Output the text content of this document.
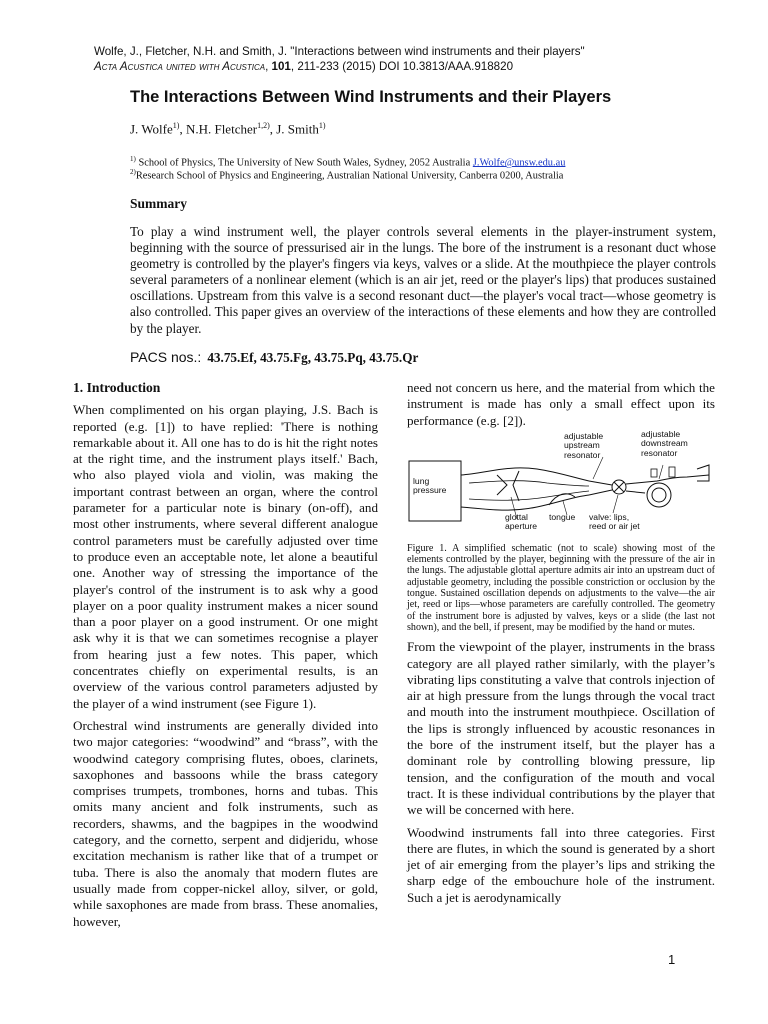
Wolfe, J., Fletcher, N.H. and Smith, J. "Interactions between wind instruments and their players"
Acta Acustica united with Acustica, 101, 211-233 (2015) DOI 10.3813/AAA.918820
The Interactions Between Wind Instruments and their Players
J. Wolfe$^{1)}$, N.H. Fletcher$^{1,2)}$, J. Smith$^{1)}$
$^{1)}$ School of Physics, The University of New South Wales, Sydney, 2052 Australia J.Wolfe@unsw.edu.au
$^{2)}$Research School of Physics and Engineering, Australian National University, Canberra 0200, Australia
Summary
To play a wind instrument well, the player controls several elements in the player-instrument system, beginning with the source of pressurised air in the lungs. The bore of the instrument is a resonant duct whose geometry is controlled by the player's fingers via keys, valves or a slide. At the mouthpiece the player controls several parameters of a nonlinear element (which is an air jet, reed or the player's lips) that produces sustained oscillations. Upstream from this valve is a second resonant duct—the player's vocal tract—whose geometry is also controlled. This paper gives an overview of the interactions of these elements and how they are controlled by the player.
PACS nos.: 43.75.Ef, 43.75.Fg, 43.75.Pq, 43.75.Qr
1. Introduction

When complimented on his organ playing, J.S. Bach is reported (e.g. [1]) to have replied: 'There is nothing remarkable about it. All one has to do is hit the right notes at the right time, and the instrument plays itself.' Bach, who also played viola and violin, was making the important contrast between an organ, where the control parameter for a particular note is binary (on-off), and most other instruments, where several different analogue control parameters must be carefully adjusted over time to produce even an acceptable note, let alone a beautiful one. Another way of stressing the importance of the player's control of the instrument is to ask why a good player on a poor quality instrument makes a nicer sound than a poor player on a good instrument. Or one might ask why it is that we can sometimes recognise a player from hearing just a few notes. This paper, which concentrates chiefly on experimental results, is an overview of the various control parameters adjusted by the player of a wind instrument (see Figure 1).

Orchestral wind instruments are generally divided into two major categories: “woodwind” and “brass”, with the woodwind category comprising flutes, oboes, clarinets, saxophones and bassoons while the brass category comprises trumpets, trombones, horns and tubas. This omits many ancient and folk instruments, such as recorders, shawms, and the bagpipes in the woodwind category, and the cornetto, serpent and didjeridu, whose excitation mechanism is rather like that of a trumpet or tuba. There is also the anomaly that modern flutes are usually made from copper-nickel alloy, silver, or gold, while saxophones are made from brass. These anomalies, however,

need not concern us here, and the material from which the instrument is made has only a small effect upon its performance (e.g. [2]).

lung
pressure
adjustable
upstream
resonator
adjustable
downstream
resonator
glottal
aperture
tongue valve: lips,
reed or air jet

Figure 1. A simplified schematic (not to scale) showing most of the elements controlled by the player, beginning with the pressure of the air in the lungs. The adjustable glottal aperture admits air into an upstream duct of adjustable geometry, including the possible constriction or occlusion by the tongue. Sustained oscillation depends on adjustments to the valve—the air jet, reed or lips—whose parameters are carefully controlled. The geometry of the instrument bore is adjusted by valves, keys or a slide (the last not shown), and the bell, if present, may be modified by the hand or mutes.

From the viewpoint of the player, instruments in the brass category are all played rather similarly, with the player’s vibrating lips constituting a valve that controls injection of air at high pressure from the lungs through the vocal tract and mouth into the instrument mouthpiece. Oscillation of the lips is strongly influenced by acoustic resonances in the bore of the instrument itself, but the player has a dominant role by controlling blowing pressure, lip tension, and the configuration of the mouth and vocal tract. It is these individual contributions by the player that we will be concerned with here.

Woodwind instruments fall into three categories. First there are flutes, in which the sound is generated by a short jet of air emerging from the player’s lips and striking the sharp edge of the embouchure hole of the instrument. Such a jet is aerodynamically

1
